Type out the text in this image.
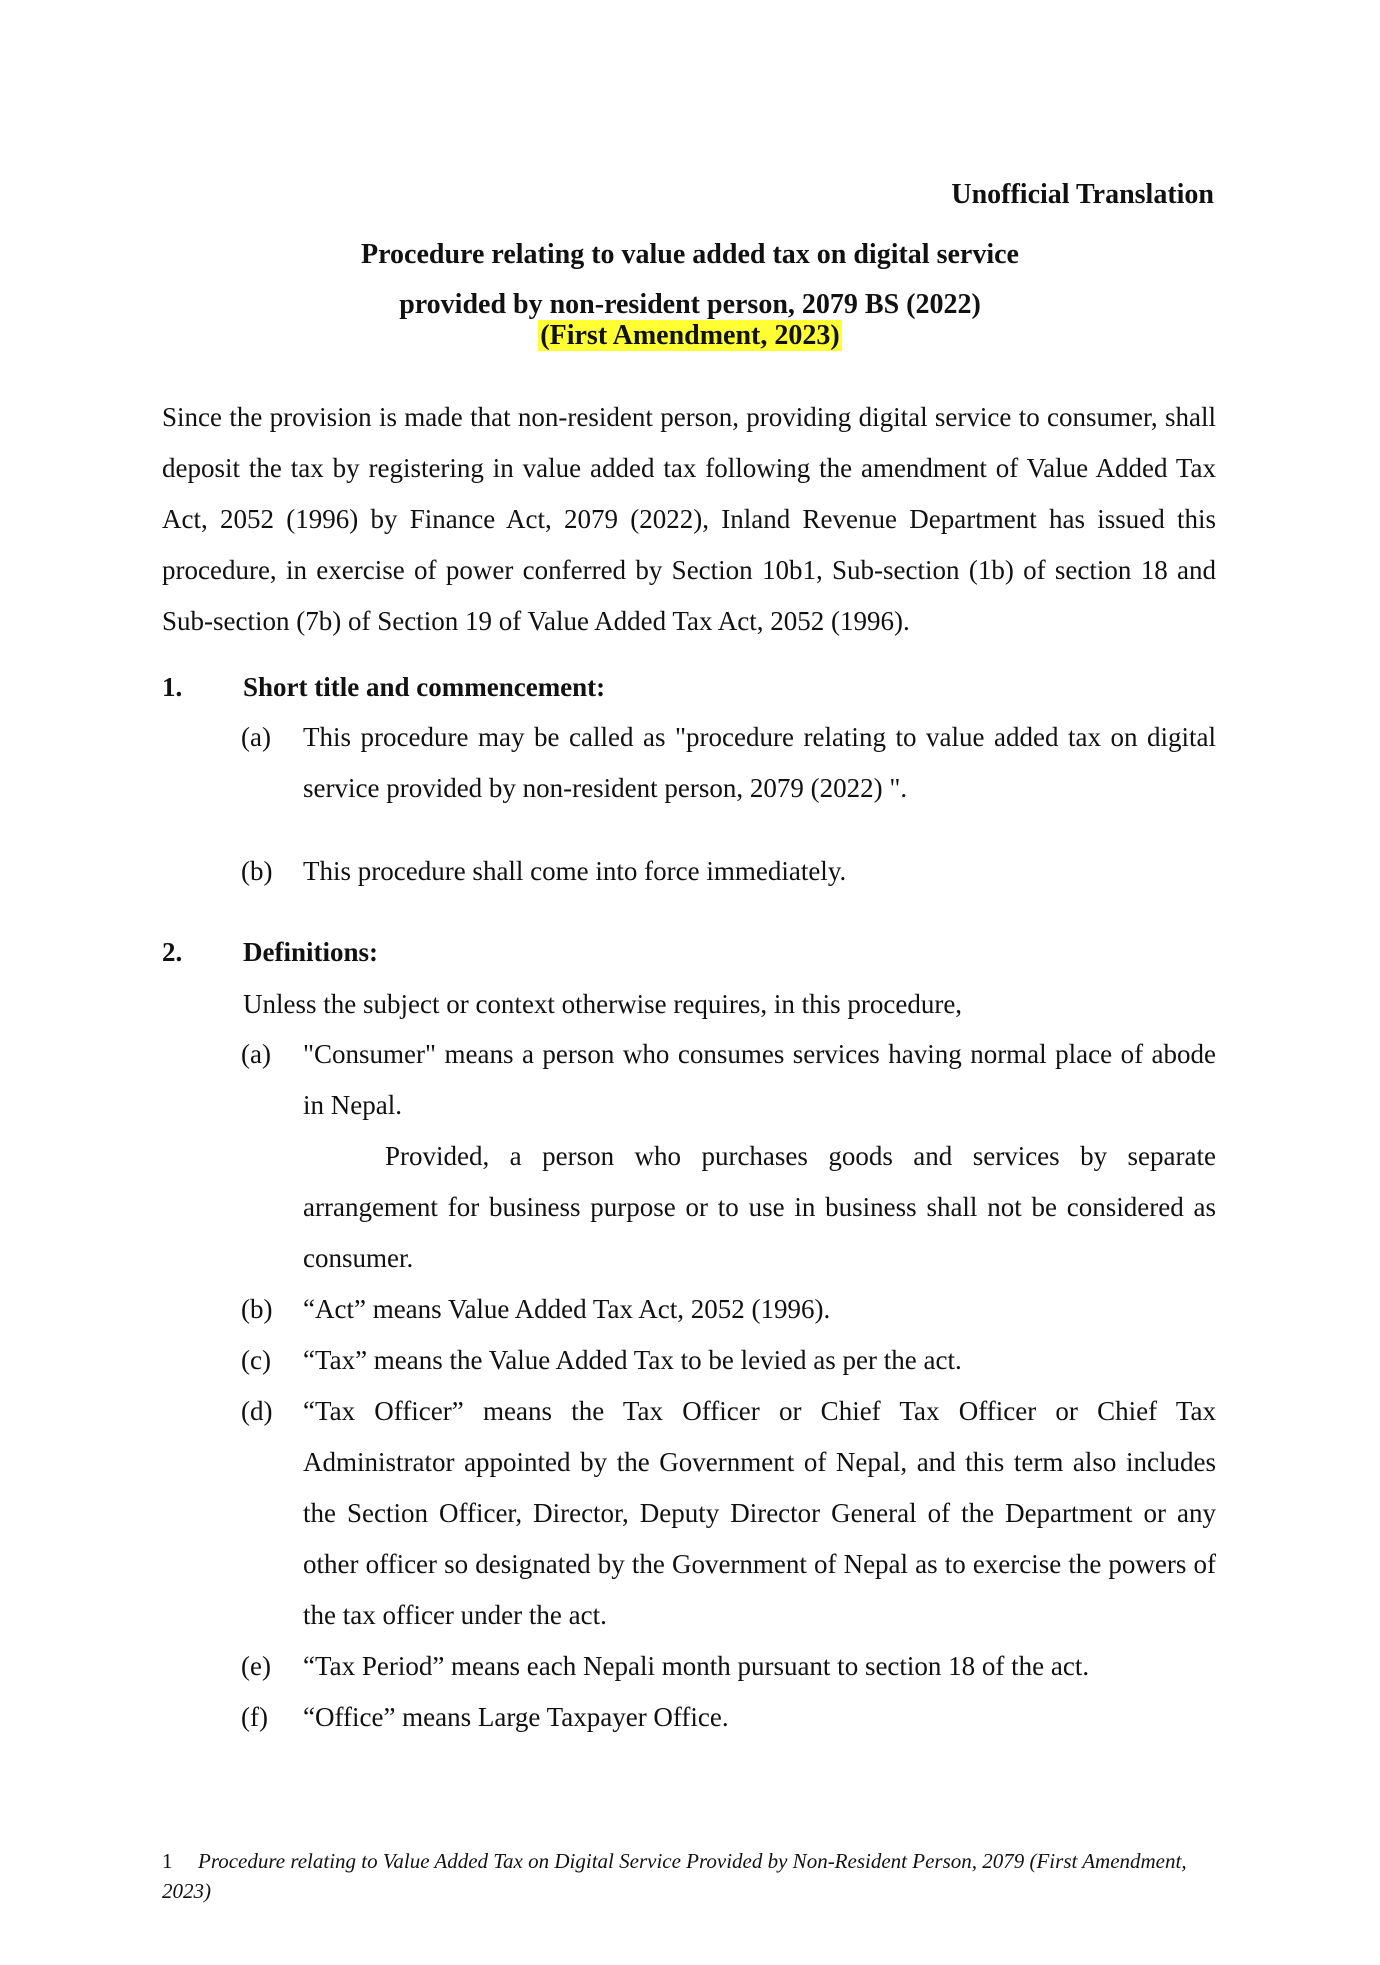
Unofficial Translation
Procedure relating to value added tax on digital service
provided by non-resident person, 2079 BS (2022)
(First Amendment, 2023)
Since the provision is made that non-resident person, providing digital service to consumer, shall deposit the tax by registering in value added tax following the amendment of Value Added Tax Act, 2052 (1996) by Finance Act, 2079 (2022), Inland Revenue Department has issued this procedure, in exercise of power conferred by Section 10b1, Sub-section (1b) of section 18 and Sub-section (7b) of Section 19 of Value Added Tax Act, 2052 (1996).
1. Short title and commencement:
(a)	This procedure may be called as "procedure relating to value added tax on digital service provided by non-resident person, 2079 (2022) ".
(b)	This procedure shall come into force immediately.
2. Definitions:
Unless the subject or context otherwise requires, in this procedure,
(a)	"Consumer" means a person who consumes services having normal place of abode in Nepal.
Provided, a person who purchases goods and services by separate arrangement for business purpose or to use in business shall not be considered as consumer.
(b)	“Act” means Value Added Tax Act, 2052 (1996).
(c)	“Tax” means the Value Added Tax to be levied as per the act.
(d)	“Tax Officer” means the Tax Officer or Chief Tax Officer or Chief Tax Administrator appointed by the Government of Nepal, and this term also includes the Section Officer, Director, Deputy Director General of the Department or any other officer so designated by the Government of Nepal as to exercise the powers of the tax officer under the act.
(e)	“Tax Period” means each Nepali month pursuant to section 18 of the act.
(f)	“Office” means Large Taxpayer Office.
1 Procedure relating to Value Added Tax on Digital Service Provided by Non-Resident Person, 2079 (First Amendment, 2023)
